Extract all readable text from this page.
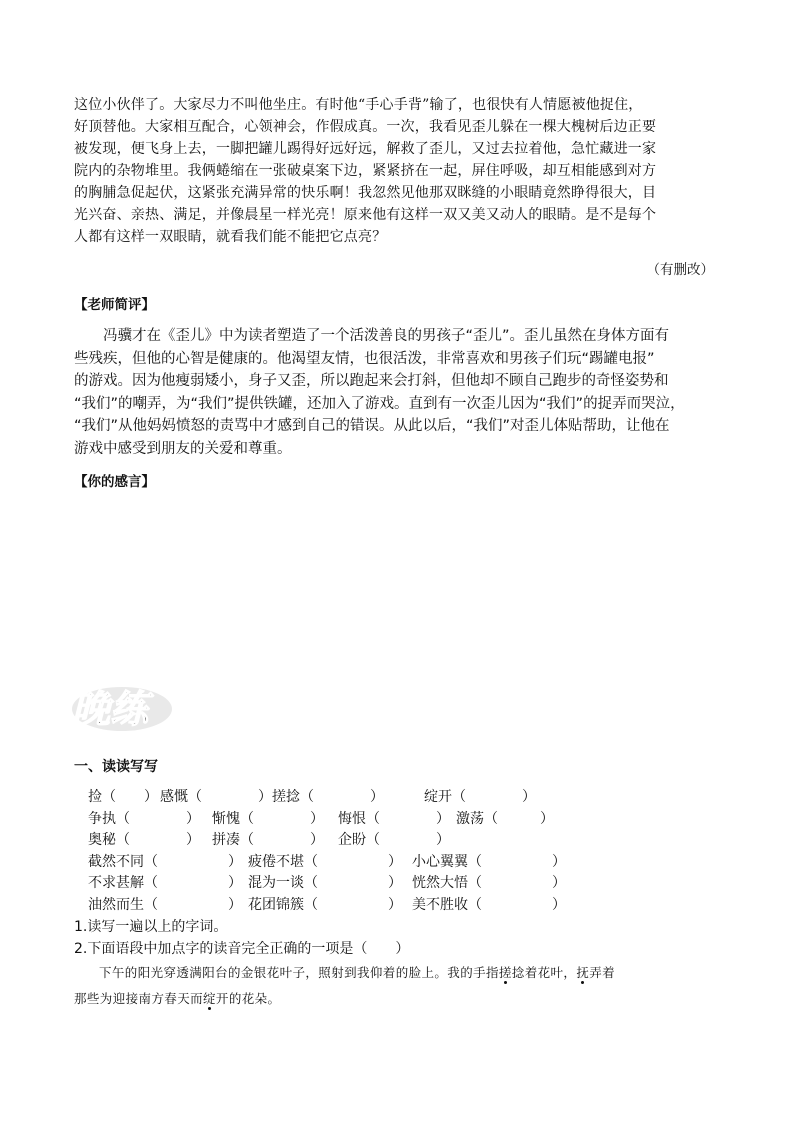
这位小伙伴了。大家尽力不叫他坐庄。有时他“手心手背”输了，也很快有人情愿被他捉住，

好顶替他。大家相互配合，心领神会，作假成真。一次，我看见歪儿躲在一棵大槐树后边正要

被发现，便飞身上去，一脚把罐儿踢得好远好远，解救了歪儿，又过去拉着他，急忙藏进一家

院内的杂物堆里。我俩蜷缩在一张破桌案下边，紧紧挤在一起，屏住呼吸，却互相能感到对方

的胸脯急促起伏，这紧张充满异常的快乐啊！我忽然见他那双眯缝的小眼睛竟然睁得很大，目

光兴奋、亲热、满足，并像晨星一样光亮！原来他有这样一双又美又动人的眼睛。是不是每个

人都有这样一双眼睛，就看我们能不能把它点亮？

（有删改）
【老师简评】

冯骥才在《歪儿》中为读者塑造了一个活泼善良的男孩子“歪儿”。歪儿虽然在身体方面有

些残疾，但他的心智是健康的。他渴望友情，也很活泼，非常喜欢和男孩子们玩“踢罐电报”

的游戏。因为他瘦弱矮小，身子又歪，所以跑起来会打斜，但他却不顾自己跑步的奇怪姿势和

“我们”的嘲弄，为“我们”提供铁罐，还加入了游戏。直到有一次歪儿因为“我们”的捉弄而哭泣，

“我们”从他妈妈愤怒的责骂中才感到自己的错误。从此以后，“我们”对歪儿体贴帮助，让他在

游戏中感受到朋友的关爱和尊重。

【你的感言】
晚练
一、读读写写
捡（　　） 感慨（　　　　） 搓捻（　　　　）	绽开（　　　　）
争执（　　　　） 惭愧（　　　　） 悔恨（　　　　） 激荡（　　　）
奥秘（　　　　） 拼凑（　　　　） 企盼（　　　　）
截然不同（　　　　　） 疲倦不堪（　　　　　） 小心翼翼（　　　　　）
不求甚解（　　　　　） 混为一谈（　　　　　） 恍然大悟（　　　　　）
油然而生（　　　　　） 花团锦簇（　　　　　） 美不胜收（　　　　　）
1.读写一遍以上的字词。
2.下面语段中加点字的读音完全正确的一项是（　　）

下午的阳光穿透满阳台的金银花叶子，照射到我仰着的脸上。我的手指搓捻着花叶，抚弄着

那些为迎接南方春天而绽开的花朵。
